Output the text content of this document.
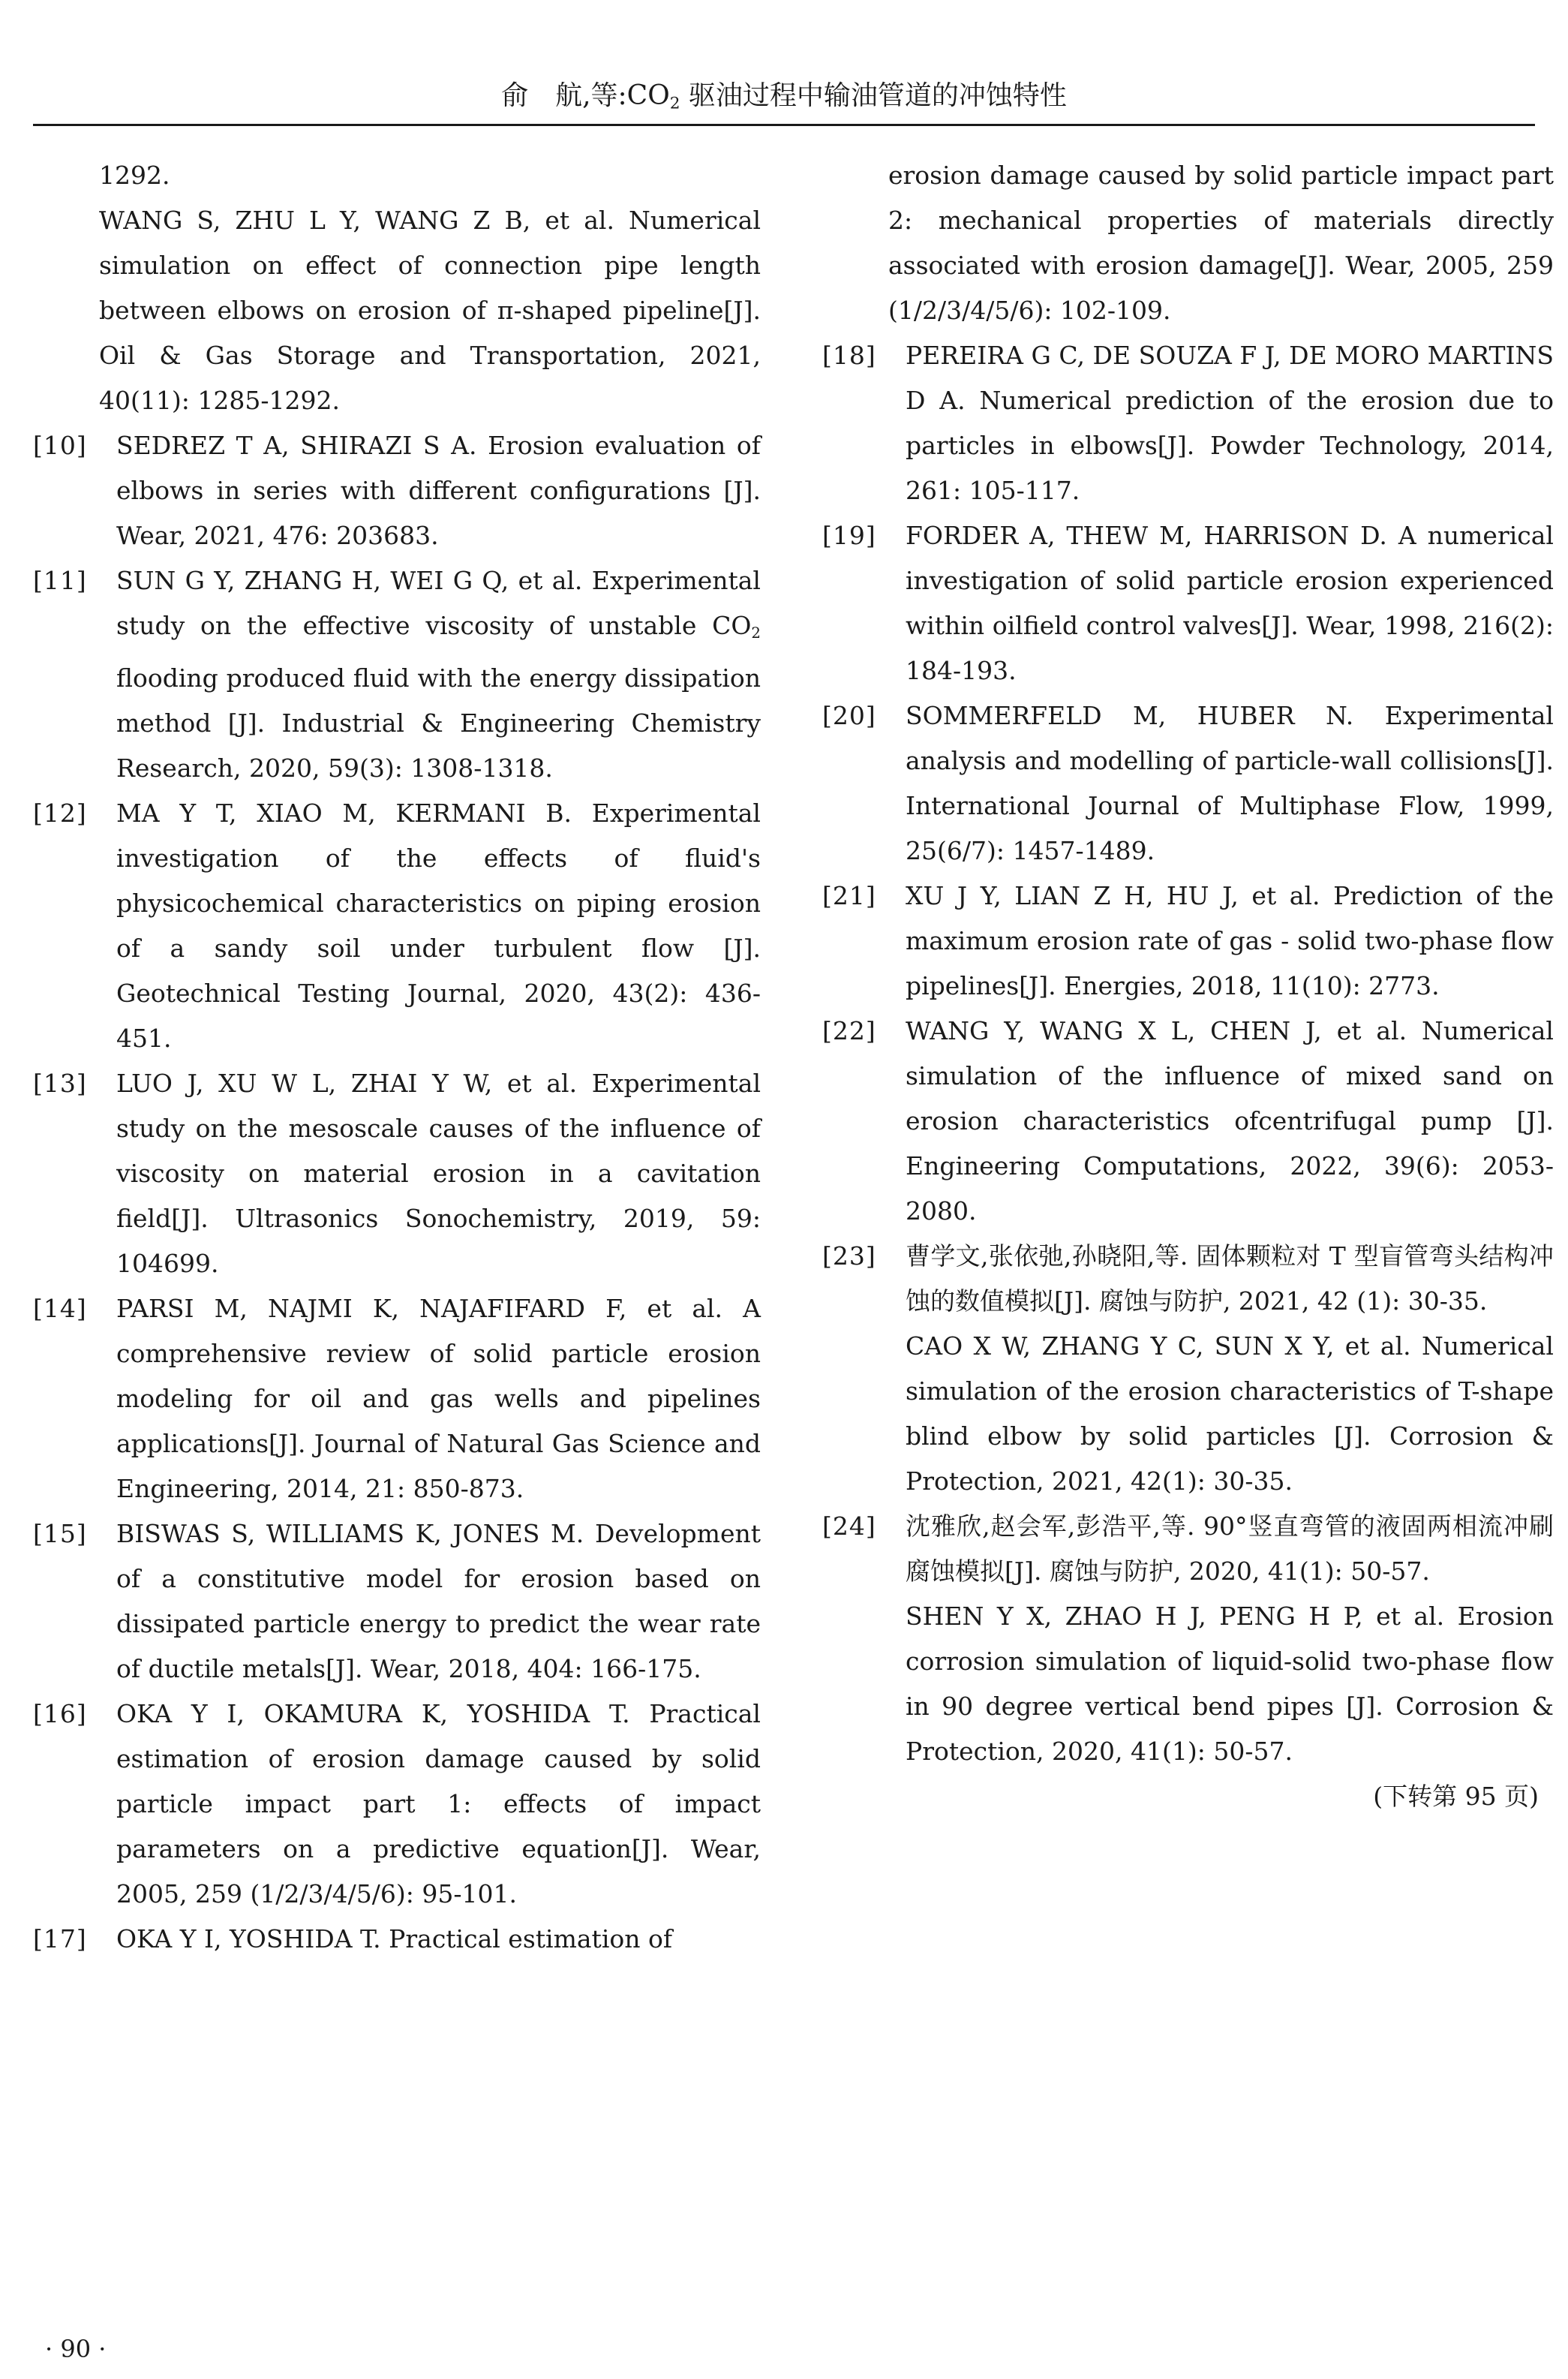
俞　航,等$:CO_2$ 驱油过程中输油管道的冲蚀特性
1292.
WANG S, ZHU L Y, WANG Z B, et al. Numerical simulation on effect of connection pipe length between elbows on erosion of π-shaped pipeline[J]. Oil & Gas Storage and Transportation, 2021, 40(11): 1285-1292.
[10] SEDREZ T A, SHIRAZI S A. Erosion evaluation of elbows in series with different configurations [J]. Wear, 2021, 476: 203683.
[11] SUN G Y, ZHANG H, WEI G Q, et al. Experimental study on the effective viscosity of unstable $CO_2$ flooding produced fluid with the energy dissipation method [J]. Industrial & Engineering Chemistry Research, 2020, 59(3): 1308-1318.
[12] MA Y T, XIAO M, KERMANI B. Experimental investigation of the effects of fluid's physicochemical characteristics on piping erosion of a sandy soil under turbulent flow [J]. Geotechnical Testing Journal, 2020, 43(2): 436-451.
[13] LUO J, XU W L, ZHAI Y W, et al. Experimental study on the mesoscale causes of the influence of viscosity on material erosion in a cavitation field[J]. Ultrasonics Sonochemistry, 2019, 59: 104699.
[14] PARSI M, NAJMI K, NAJAFIFARD F, et al. A comprehensive review of solid particle erosion modeling for oil and gas wells and pipelines applications[J]. Journal of Natural Gas Science and Engineering, 2014, 21: 850-873.
[15] BISWAS S, WILLIAMS K, JONES M. Development of a constitutive model for erosion based on dissipated particle energy to predict the wear rate of ductile metals[J]. Wear, 2018, 404: 166-175.
[16] OKA Y I, OKAMURA K, YOSHIDA T. Practical estimation of erosion damage caused by solid particle impact part 1: effects of impact parameters on a predictive equation[J]. Wear, 2005, 259 (1/2/3/4/5/6): 95-101.
[17] OKA Y I, YOSHIDA T. Practical estimation of
erosion damage caused by solid particle impact part 2: mechanical properties of materials directly associated with erosion damage[J]. Wear, 2005, 259 (1/2/3/4/5/6): 102-109.
[18] PEREIRA G C, DE SOUZA F J, DE MORO MARTINS D A. Numerical prediction of the erosion due to particles in elbows[J]. Powder Technology, 2014, 261: 105-117.
[19] FORDER A, THEW M, HARRISON D. A numerical investigation of solid particle erosion experienced within oilfield control valves[J]. Wear, 1998, 216(2): 184-193.
[20] SOMMERFELD M, HUBER N. Experimental analysis and modelling of particle-wall collisions[J]. International Journal of Multiphase Flow, 1999, 25(6/7): 1457-1489.
[21] XU J Y, LIAN Z H, HU J, et al. Prediction of the maximum erosion rate of gas - solid two-phase flow pipelines[J]. Energies, 2018, 11(10): 2773.
[22] WANG Y, WANG X L, CHEN J, et al. Numerical simulation of the influence of mixed sand on erosion characteristics ofcentrifugal pump [J]. Engineering Computations, 2022, 39(6): 2053-2080.
[23] 曹学文,张依弛,孙晓阳,等. 固体颗粒对 T 型盲管弯头结构冲蚀的数值模拟[J]. 腐蚀与防护, 2021, 42 (1): 30-35.
CAO X W, ZHANG Y C, SUN X Y, et al. Numerical simulation of the erosion characteristics of T-shape blind elbow by solid particles [J]. Corrosion & Protection, 2021, 42(1): 30-35.
[24] 沈雅欣,赵会军,彭浩平,等. 90°竖直弯管的液固两相流冲刷腐蚀模拟[J]. 腐蚀与防护, 2020, 41(1): 50-57.
SHEN Y X, ZHAO H J, PENG H P, et al. Erosion corrosion simulation of liquid-solid two-phase flow in 90 degree vertical bend pipes [J]. Corrosion & Protection, 2020, 41(1): 50-57.
(下转第 95 页)
· 90 ·
